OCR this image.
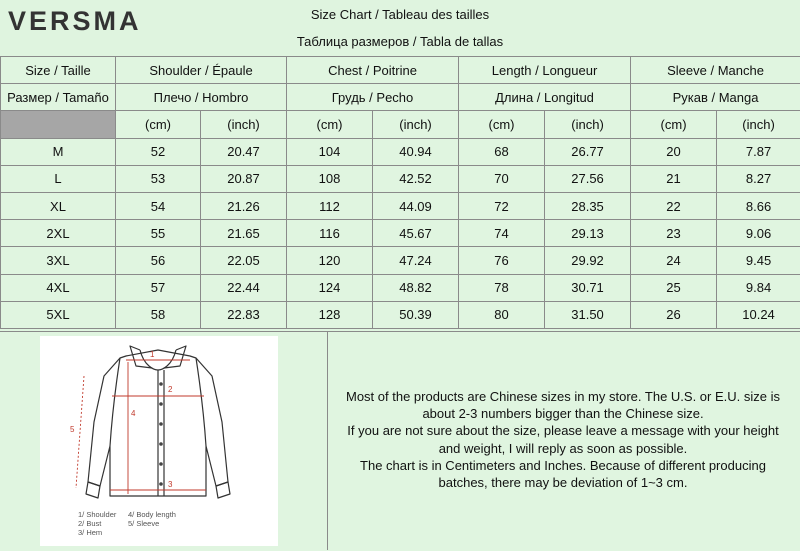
VERSMA	Size Chart / Tableau des tailles
Таблица размеров / Tabla de tallas
Size / Taille	Shoulder / Épaule		Chest / Poitrine		Length / Longueur		Sleeve / Manche	
Размер / Tamaño	Плечо / Hombro		Грудь / Pecho		Длина / Longitud		Рукав / Manga	
	(cm)	(inch)	(cm)	(inch)	(cm)	(inch)	(cm)	(inch)
M	52	20.47	104	40.94	68	26.77	20	7.87
L	53	20.87	108	42.52	70	27.56	21	8.27
XL	54	21.26	112	44.09	72	28.35	22	8.66
2XL	55	21.65	116	45.67	74	29.13	23	9.06
3XL	56	22.05	120	47.24	76	29.92	24	9.45
4XL	57	22.44	124	48.82	78	30.71	25	9.84
5XL	58	22.83	128	50.39	80	31.50	26	10.24
1
2
3
4
5
1/ Shoulder 4/ Body length
2/ Bust	5/ Sleeve
3/ Hem
Most of the products are Chinese sizes in my store. The U.S. or E.U. size is
about 2-3 numbers bigger than the Chinese size.
If you are not sure about the size, please leave a message with your height
and weight, I will reply as soon as possible.
The chart is in Centimeters and Inches. Because of different producing
batches, there may be deviation of 1~3 cm.
